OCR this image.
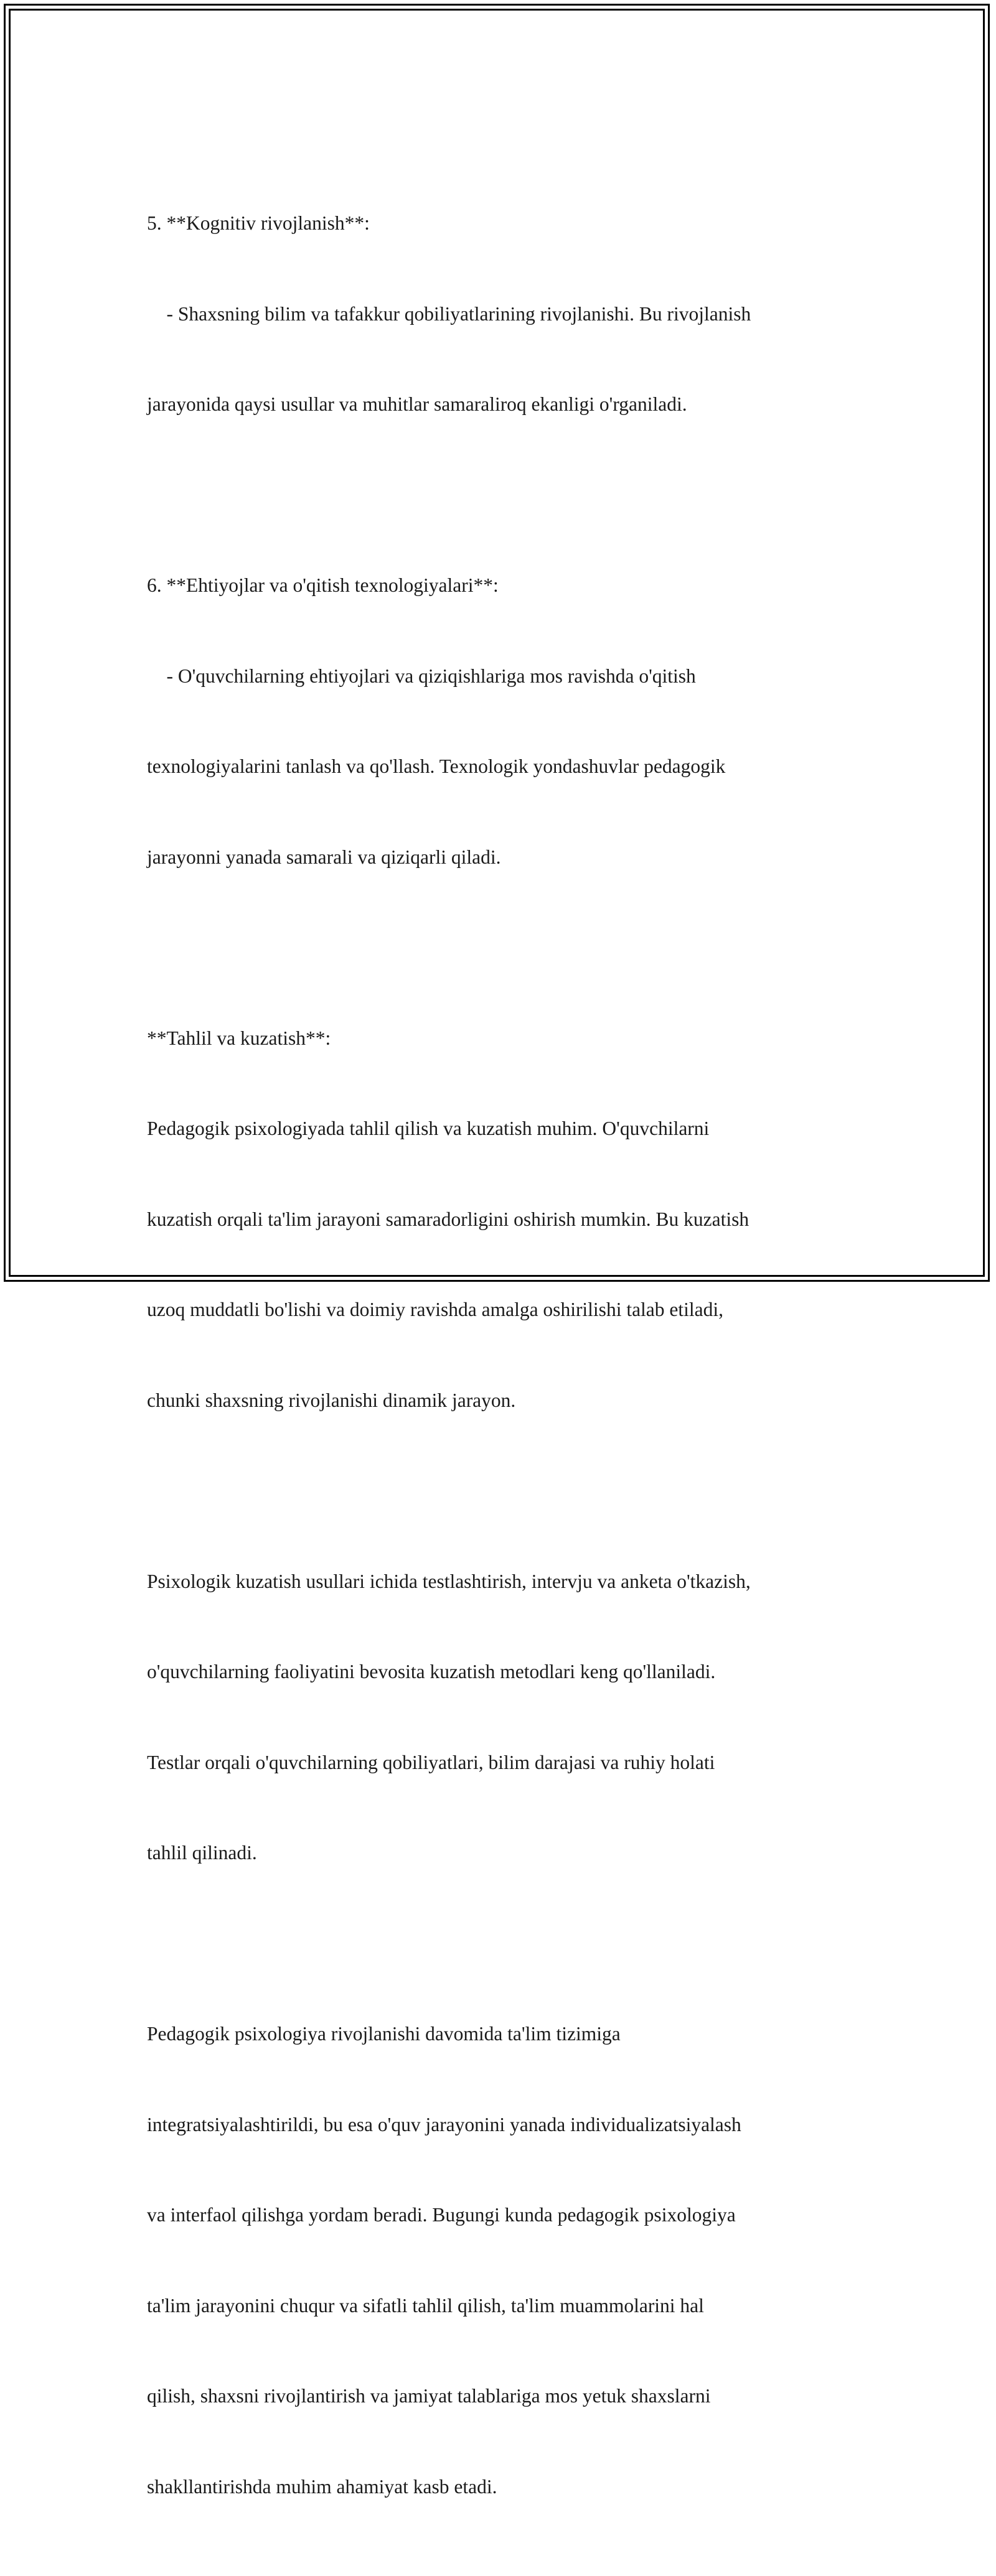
5. **Kognitiv rivojlanish**:

- Shaxsning bilim va tafakkur qobiliyatlarining rivojlanishi. Bu rivojlanish

jarayonida qaysi usullar va muhitlar samaraliroq ekanligi o'rganiladi.

6. **Ehtiyojlar va o'qitish texnologiyalari**:

- O'quvchilarning ehtiyojlari va qiziqishlariga mos ravishda o'qitish

texnologiyalarini tanlash va qo'llash. Texnologik yondashuvlar pedagogik

jarayonni yanada samarali va qiziqarli qiladi.

**Tahlil va kuzatish**:

Pedagogik psixologiyada tahlil qilish va kuzatish muhim. O'quvchilarni

kuzatish orqali ta'lim jarayoni samaradorligini oshirish mumkin. Bu kuzatish

uzoq muddatli bo'lishi va doimiy ravishda amalga oshirilishi talab etiladi,

chunki shaxsning rivojlanishi dinamik jarayon.

Psixologik kuzatish usullari ichida testlashtirish, intervju va anketa o'tkazish,

o'quvchilarning faoliyatini bevosita kuzatish metodlari keng qo'llaniladi.

Testlar orqali o'quvchilarning qobiliyatlari, bilim darajasi va ruhiy holati

tahlil qilinadi.

Pedagogik psixologiya rivojlanishi davomida ta'lim tizimiga

integratsiyalashtirildi, bu esa o'quv jarayonini yanada individualizatsiyalash

va interfaol qilishga yordam beradi. Bugungi kunda pedagogik psixologiya

ta'lim jarayonini chuqur va sifatli tahlil qilish, ta'lim muammolarini hal

qilish, shaxsni rivojlantirish va jamiyat talablariga mos yetuk shaxslarni

shakllantirishda muhim ahamiyat kasb etadi.
